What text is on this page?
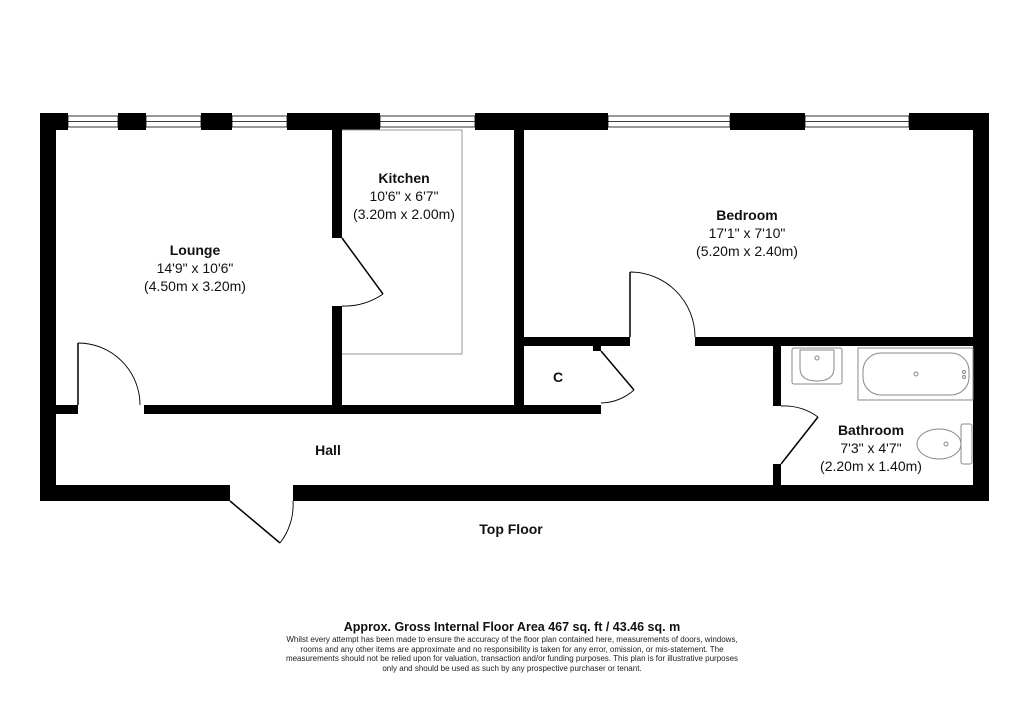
Lounge
14'9" x 10'6"
(4.50m x 3.20m)
Kitchen
10'6" x 6'7"
(3.20m x 2.00m)	Bedroom
17'1" x 7'10"
(5.20m x 2.40m)
Bathroom
7'3" x 4'7"
(2.20m x 1.40m)
Hall
C
Top Floor

Approx. Gross Internal Floor Area 467 sq. ft / 43.46 sq. m

Whilst every attempt has been made to ensure the accuracy of the floor plan contained here, measurements of doors, windows,

rooms and any other items are approximate and no responsibility is taken for any error, omission, or mis-statement. The

measurements should not be relied upon for valuation, transaction and/or funding purposes. This plan is for illustrative purposes

only and should be used as such by any prospective purchaser or tenant.
